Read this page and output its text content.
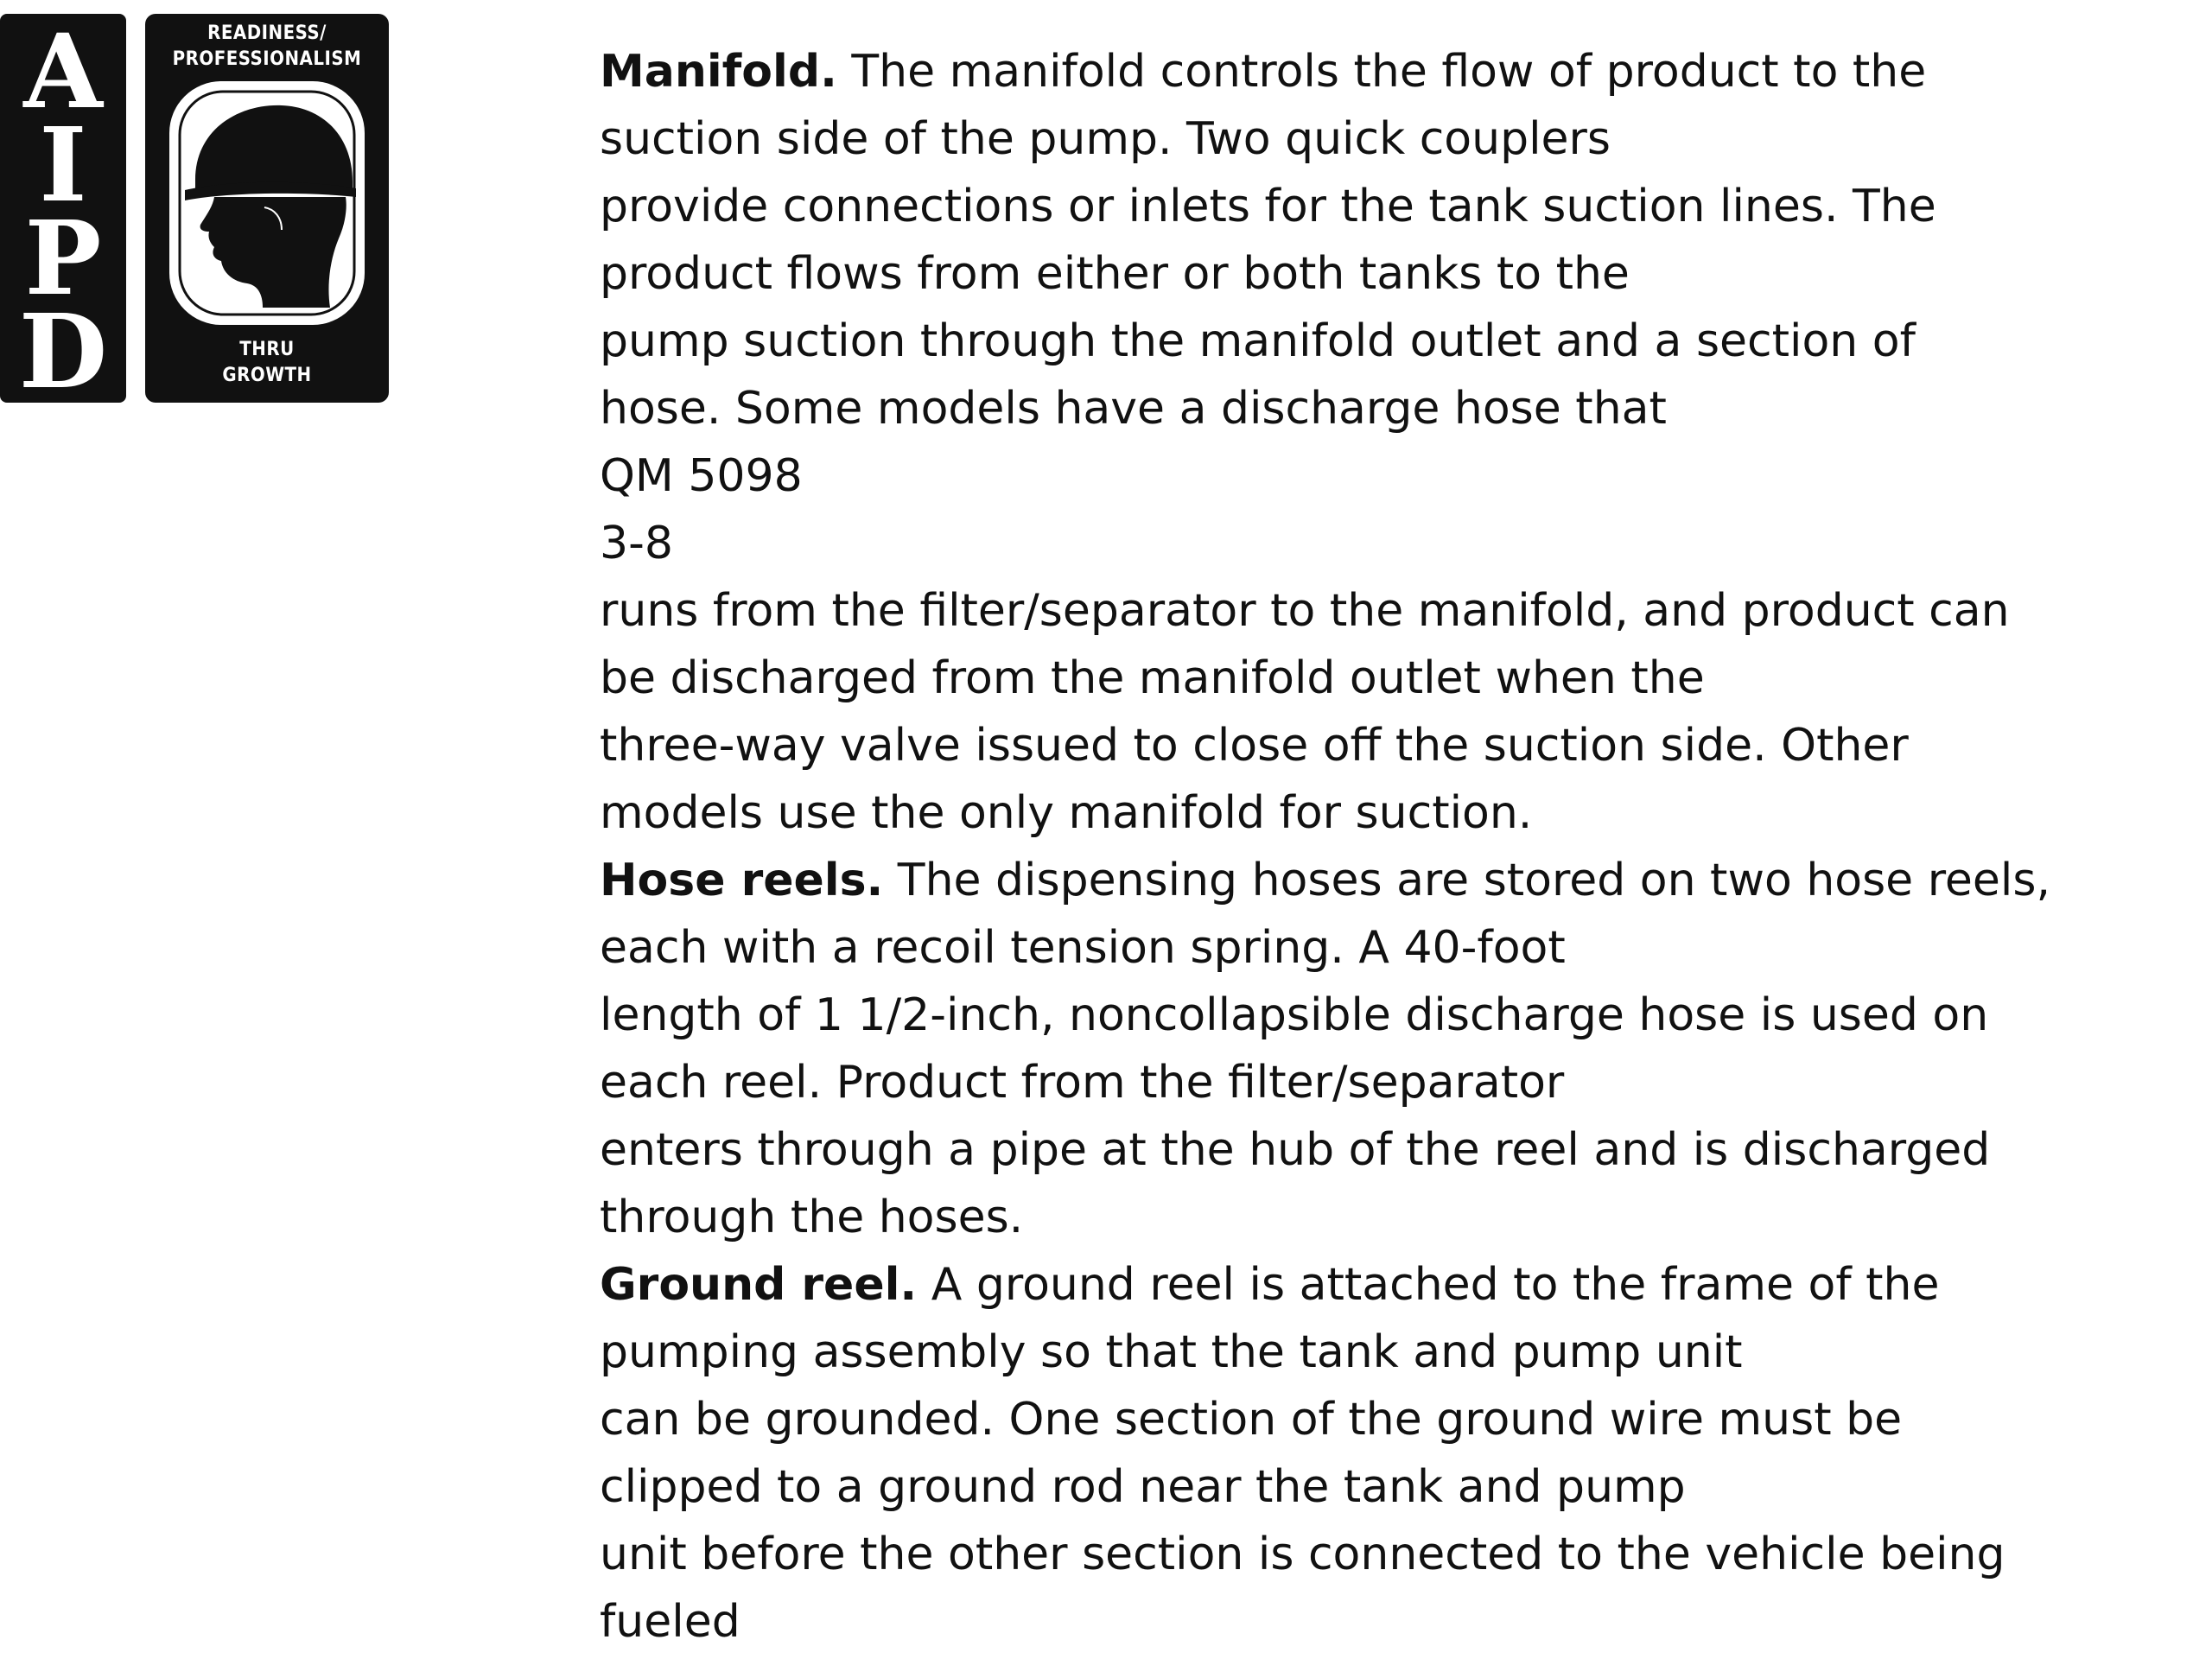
A
I
P
D
READINESS/
PROFESSIONALISM
THRU
GROWTH
Manifold. The manifold controls the flow of product to the
suction side of the pump. Two quick couplers
provide connections or inlets for the tank suction lines. The
product flows from either or both tanks to the
pump suction through the manifold outlet and a section of
hose. Some models have a discharge hose that
QM 5098
3-8
runs from the filter/separator to the manifold, and product can
be discharged from the manifold outlet when the
three-way valve issued to close off the suction side. Other
models use the only manifold for suction.
Hose reels. The dispensing hoses are stored on two hose reels,
each with a recoil tension spring. A 40-foot
length of 1 1/2-inch, noncollapsible discharge hose is used on
each reel. Product from the filter/separator
enters through a pipe at the hub of the reel and is discharged
through the hoses.
Ground reel. A ground reel is attached to the frame of the
pumping assembly so that the tank and pump unit
can be grounded. One section of the ground wire must be
clipped to a ground rod near the tank and pump
unit before the other section is connected to the vehicle being
fueled
